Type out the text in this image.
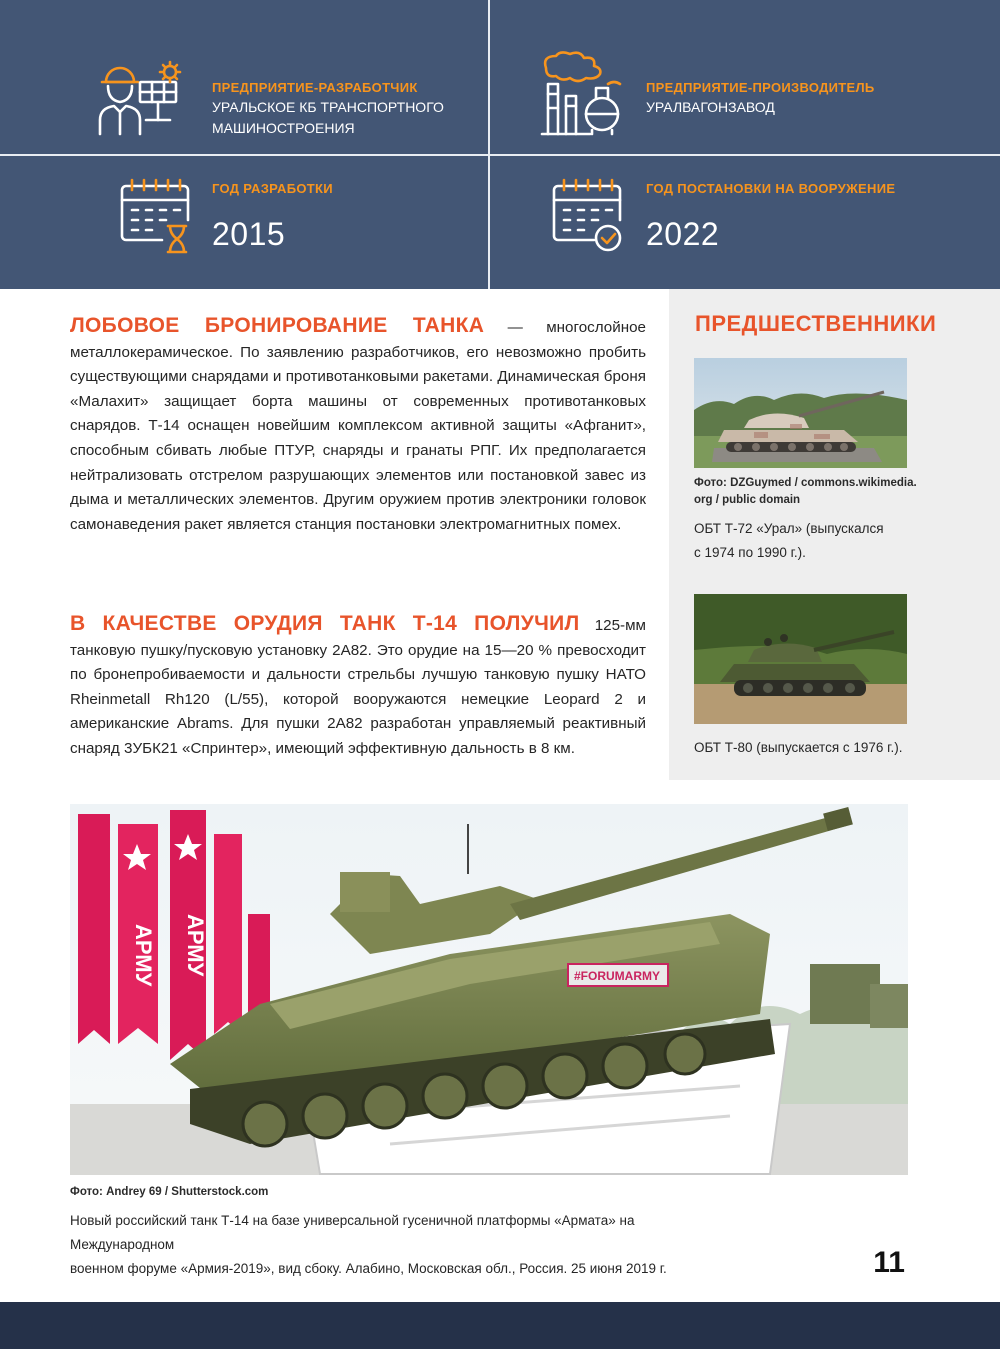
ПРЕДПРИЯТИЕ-РАЗРАБОТЧИК
УРАЛЬСКОЕ КБ ТРАНСПОРТНОГО
МАШИНОСТРОЕНИЯ
ПРЕДПРИЯТИЕ-ПРОИЗВОДИТЕЛЬ
УРАЛВАГОНЗАВОД
ГОД РАЗРАБОТКИ
2015
ГОД ПОСТАНОВКИ НА ВООРУЖЕНИЕ
2022
ЛОБОВОЕ БРОНИРОВАНИЕ ТАНКА — многослойное металлокерамическое. По заявлению разработчиков, его невозможно пробить существующими снарядами и противотанковыми ракетами. Динамическая броня «Малахит» защищает борта машины от современных противотанковых снарядов. Т-14 оснащен новейшим комплексом активной защиты «Афганит», способным сбивать любые ПТУР, снаряды и гранаты РПГ. Их предполагается нейтрализовать отстрелом разрушающих элементов или постановкой завес из дыма и металлических элементов. Другим оружием против электроники головок самонаведения ракет является станция постановки электромагнитных помех.
В КАЧЕСТВЕ ОРУДИЯ ТАНК Т-14 ПОЛУЧИЛ 125-мм танковую пушку/пусковую установку 2А82. Это орудие на 15—20 % превосходит по бронепробиваемости и дальности стрельбы лучшую танковую пушку НАТО Rheinmetall Rh120 (L/55), которой вооружаются немецкие Leopard 2 и американские Abrams. Для пушки 2А82 разработан управляемый реактивный снаряд 3УБК21 «Спринтер», имеющий эффективную дальность в 8 км.
ПРЕДШЕСТВЕННИКИ
Фото: DZGuymed / commons.wikimedia.
org / public domain
ОБТ Т-72 «Урал» (выпускался
с 1974 по 1990 г.).
ОБТ Т-80 (выпускается с 1976 г.).
АРМУ АРМУ	#FORUMARMY
Фото: Andrey 69 / Shutterstock.com
Новый российский танк Т-14 на базе универсальной гусеничной платформы «Армата» на Международном
военном форуме «Армия-2019», вид сбоку. Алабино, Московская обл., Россия. 25 июня 2019 г.	11
